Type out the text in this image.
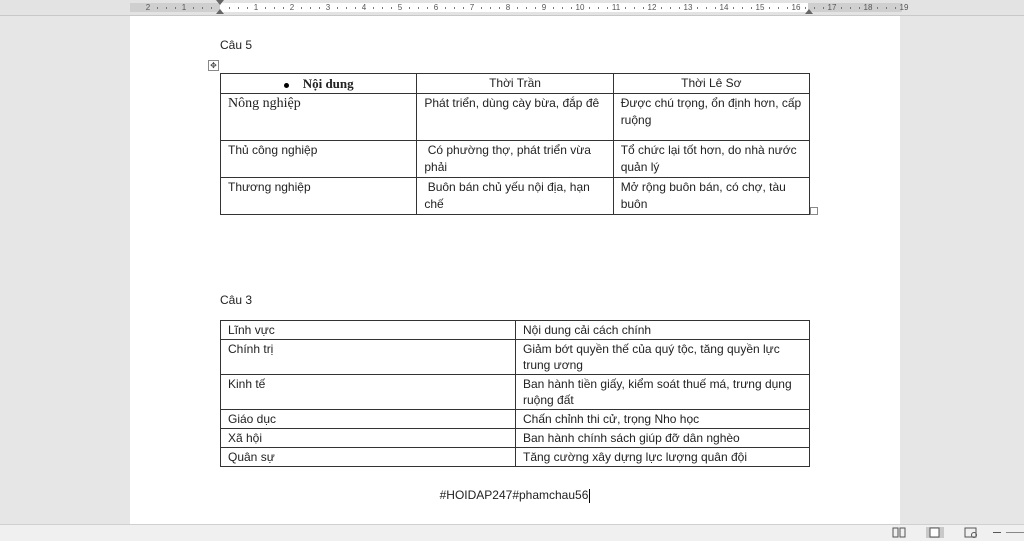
2	1	1	2	3	4	5	6	7	8	9	10	11	12	13	14	15	16	17	18	19
Câu 5
✥
Nội dung	Thời Trần	Thời Lê Sơ
Nông nghiệp	Phát triển, dùng cày bừa, đắp đê	Được chú trọng, ổn định hơn, cấp ruộng
Thủ công nghiệp	Có phường thợ, phát triển vừa phải	Tổ chức lại tốt hơn, do nhà nước quản lý
Thương nghiệp	Buôn bán chủ yếu nội địa, hạn chế	Mở rộng buôn bán, có chợ, tàu buôn
Câu 3
Lĩnh vực	Nội dung cải cách chính
Chính trị	Giảm bớt quyền thế của quý tộc, tăng quyền lực trung ương
Kinh tế	Ban hành tiền giấy, kiểm soát thuế má, trưng dụng ruộng đất
Giáo dục	Chấn chỉnh thi cử, trọng Nho học
Xã hội	Ban hành chính sách giúp đỡ dân nghèo
Quân sự	Tăng cường xây dựng lực lượng quân đội
#HOIDAP247#phamchau56
